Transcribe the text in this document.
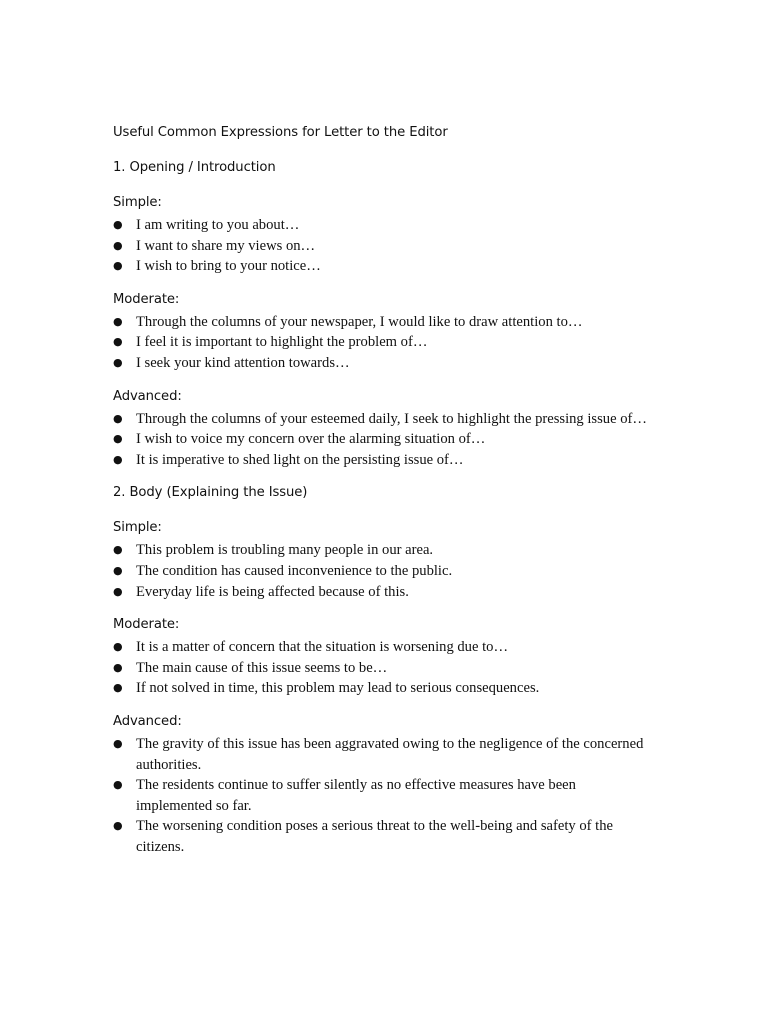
Useful Common Expressions for Letter to the Editor
1. Opening / Introduction
Simple:
● I am writing to you about…
● I want to share my views on…
● I wish to bring to your notice…
Moderate:
● Through the columns of your newspaper, I would like to draw attention to…
● I feel it is important to highlight the problem of…
● I seek your kind attention towards…
Advanced:
● Through the columns of your esteemed daily, I seek to highlight the pressing issue of…
● I wish to voice my concern over the alarming situation of…
● It is imperative to shed light on the persisting issue of…
2. Body (Explaining the Issue)
Simple:
● This problem is troubling many people in our area.
● The condition has caused inconvenience to the public.
● Everyday life is being affected because of this.
Moderate:
● It is a matter of concern that the situation is worsening due to…
● The main cause of this issue seems to be…
● If not solved in time, this problem may lead to serious consequences.
Advanced:
● The gravity of this issue has been aggravated owing to the negligence of the concerned authorities.
● The residents continue to suffer silently as no effective measures have been implemented so far.
● The worsening condition poses a serious threat to the well-being and safety of the citizens.
